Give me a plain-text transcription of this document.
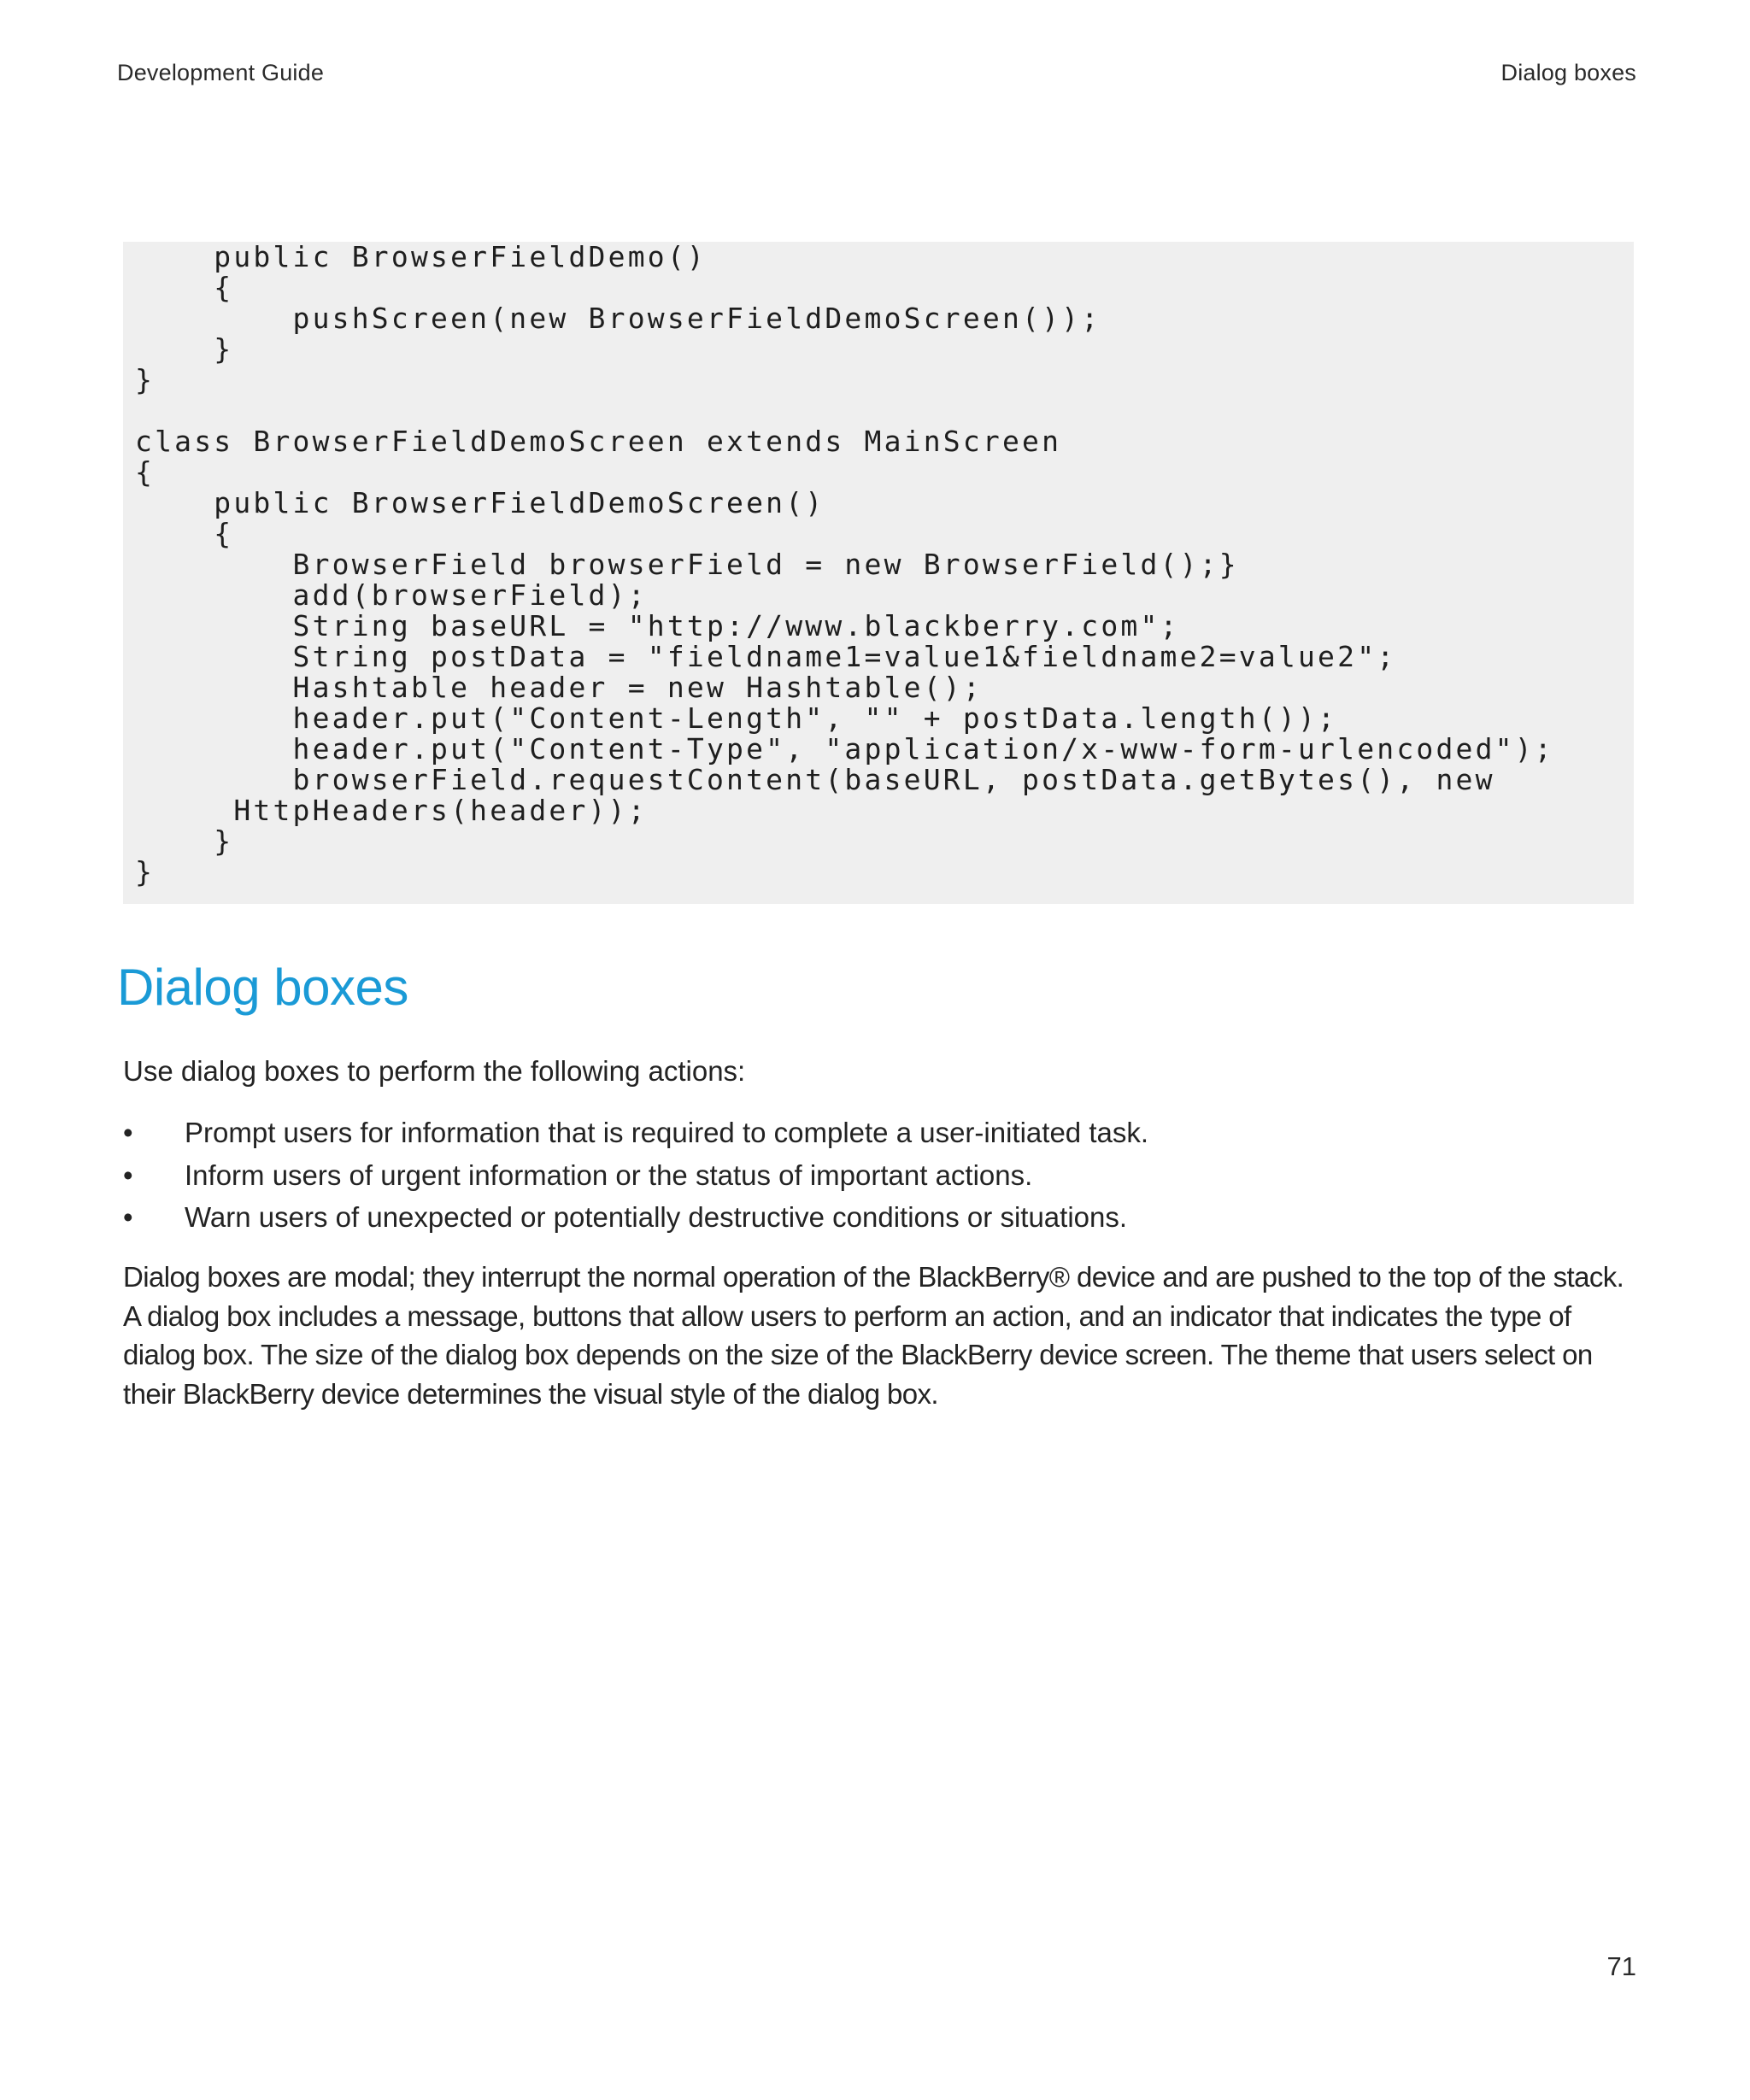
Development Guide	Dialog boxes
public BrowserFieldDemo()
{
pushScreen(new BrowserFieldDemoScreen());
}
}
class BrowserFieldDemoScreen extends MainScreen
{
public BrowserFieldDemoScreen()
{
BrowserField browserField = new BrowserField();}
add(browserField);
String baseURL = "http://www.blackberry.com";
String postData = "fieldname1=value1&fieldname2=value2";
Hashtable header = new Hashtable();
header.put("Content-Length", "" + postData.length());
header.put("Content-Type", "application/x-www-form-urlencoded");
browserField.requestContent(baseURL, postData.getBytes(), new
HttpHeaders(header));
}
}
Dialog boxes

Use dialog boxes to perform the following actions:

• Prompt users for information that is required to complete a user-initiated task.
• Inform users of urgent information or the status of important actions.
• Warn users of unexpected or potentially destructive conditions or situations.

Dialog boxes are modal; they interrupt the normal operation of the BlackBerry® device and are pushed to the top of the stack. A dialog box includes a message, buttons that allow users to perform an action, and an indicator that indicates the type of dialog box. The size of the dialog box depends on the size of the BlackBerry device screen. The theme that users select on their BlackBerry device determines the visual style of the dialog box.

71
